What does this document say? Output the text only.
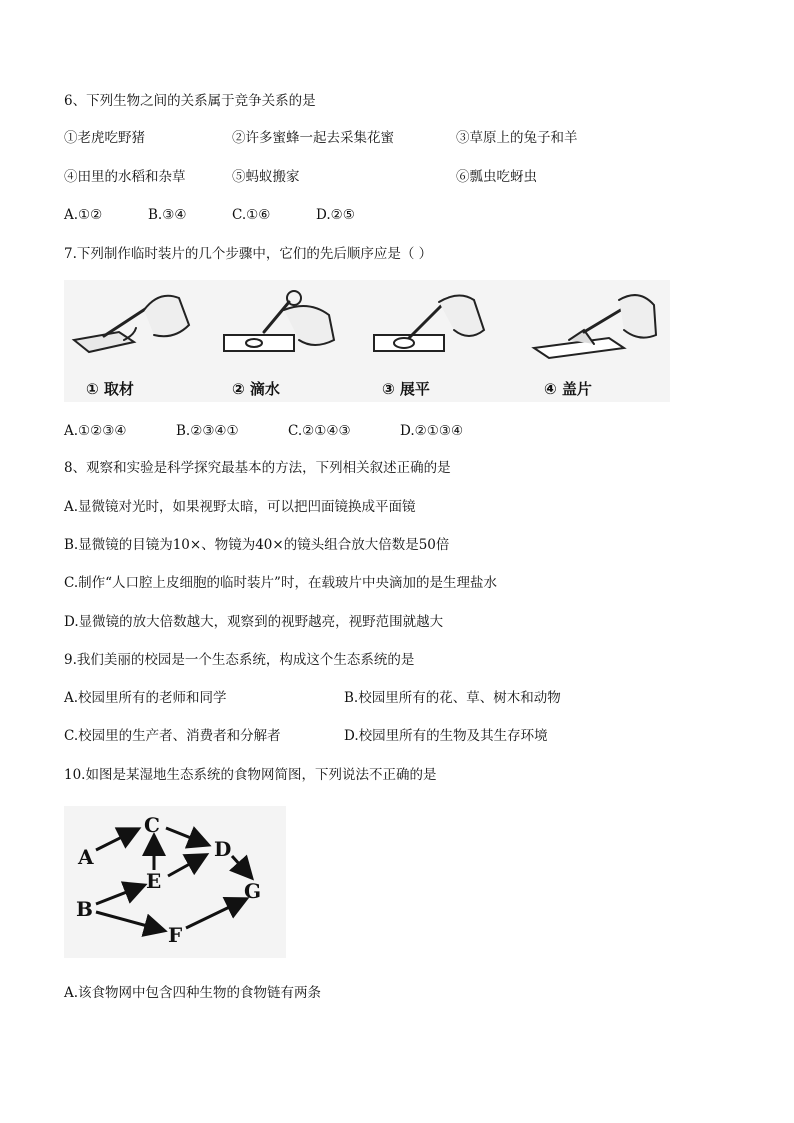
6、下列生物之间的关系属于竞争关系的是
①老虎吃野猪	②许多蜜蜂一起去采集花蜜	③草原上的兔子和羊
④田里的水稻和杂草	⑤蚂蚁搬家	⑥瓢虫吃蚜虫
A.①②	B.③④	C.①⑥	D.②⑤
7.下列制作临时装片的几个步骤中，它们的先后顺序应是（ ）
① 取材	② 滴水	③ 展平	④ 盖片
A.①②③④	B.②③④①	C.②①④③	D.②①③④
8、观察和实验是科学探究最基本的方法，下列相关叙述正确的是
A.显微镜对光时，如果视野太暗，可以把凹面镜换成平面镜
B.显微镜的目镜为10×、物镜为40×的镜头组合放大倍数是50倍
C.制作“人口腔上皮细胞的临时装片”时，在载玻片中央滴加的是生理盐水
D.显微镜的放大倍数越大，观察到的视野越亮，视野范围就越大
9.我们美丽的校园是一个生态系统，构成这个生态系统的是
A.校园里所有的老师和同学	B.校园里所有的花、草、树木和动物
C.校园里的生产者、消费者和分解者	D.校园里所有的生物及其生存环境
10.如图是某湿地生态系统的食物网简图，下列说法不正确的是
A
B
C
D
E
F
G
A.该食物网中包含四种生物的食物链有两条
